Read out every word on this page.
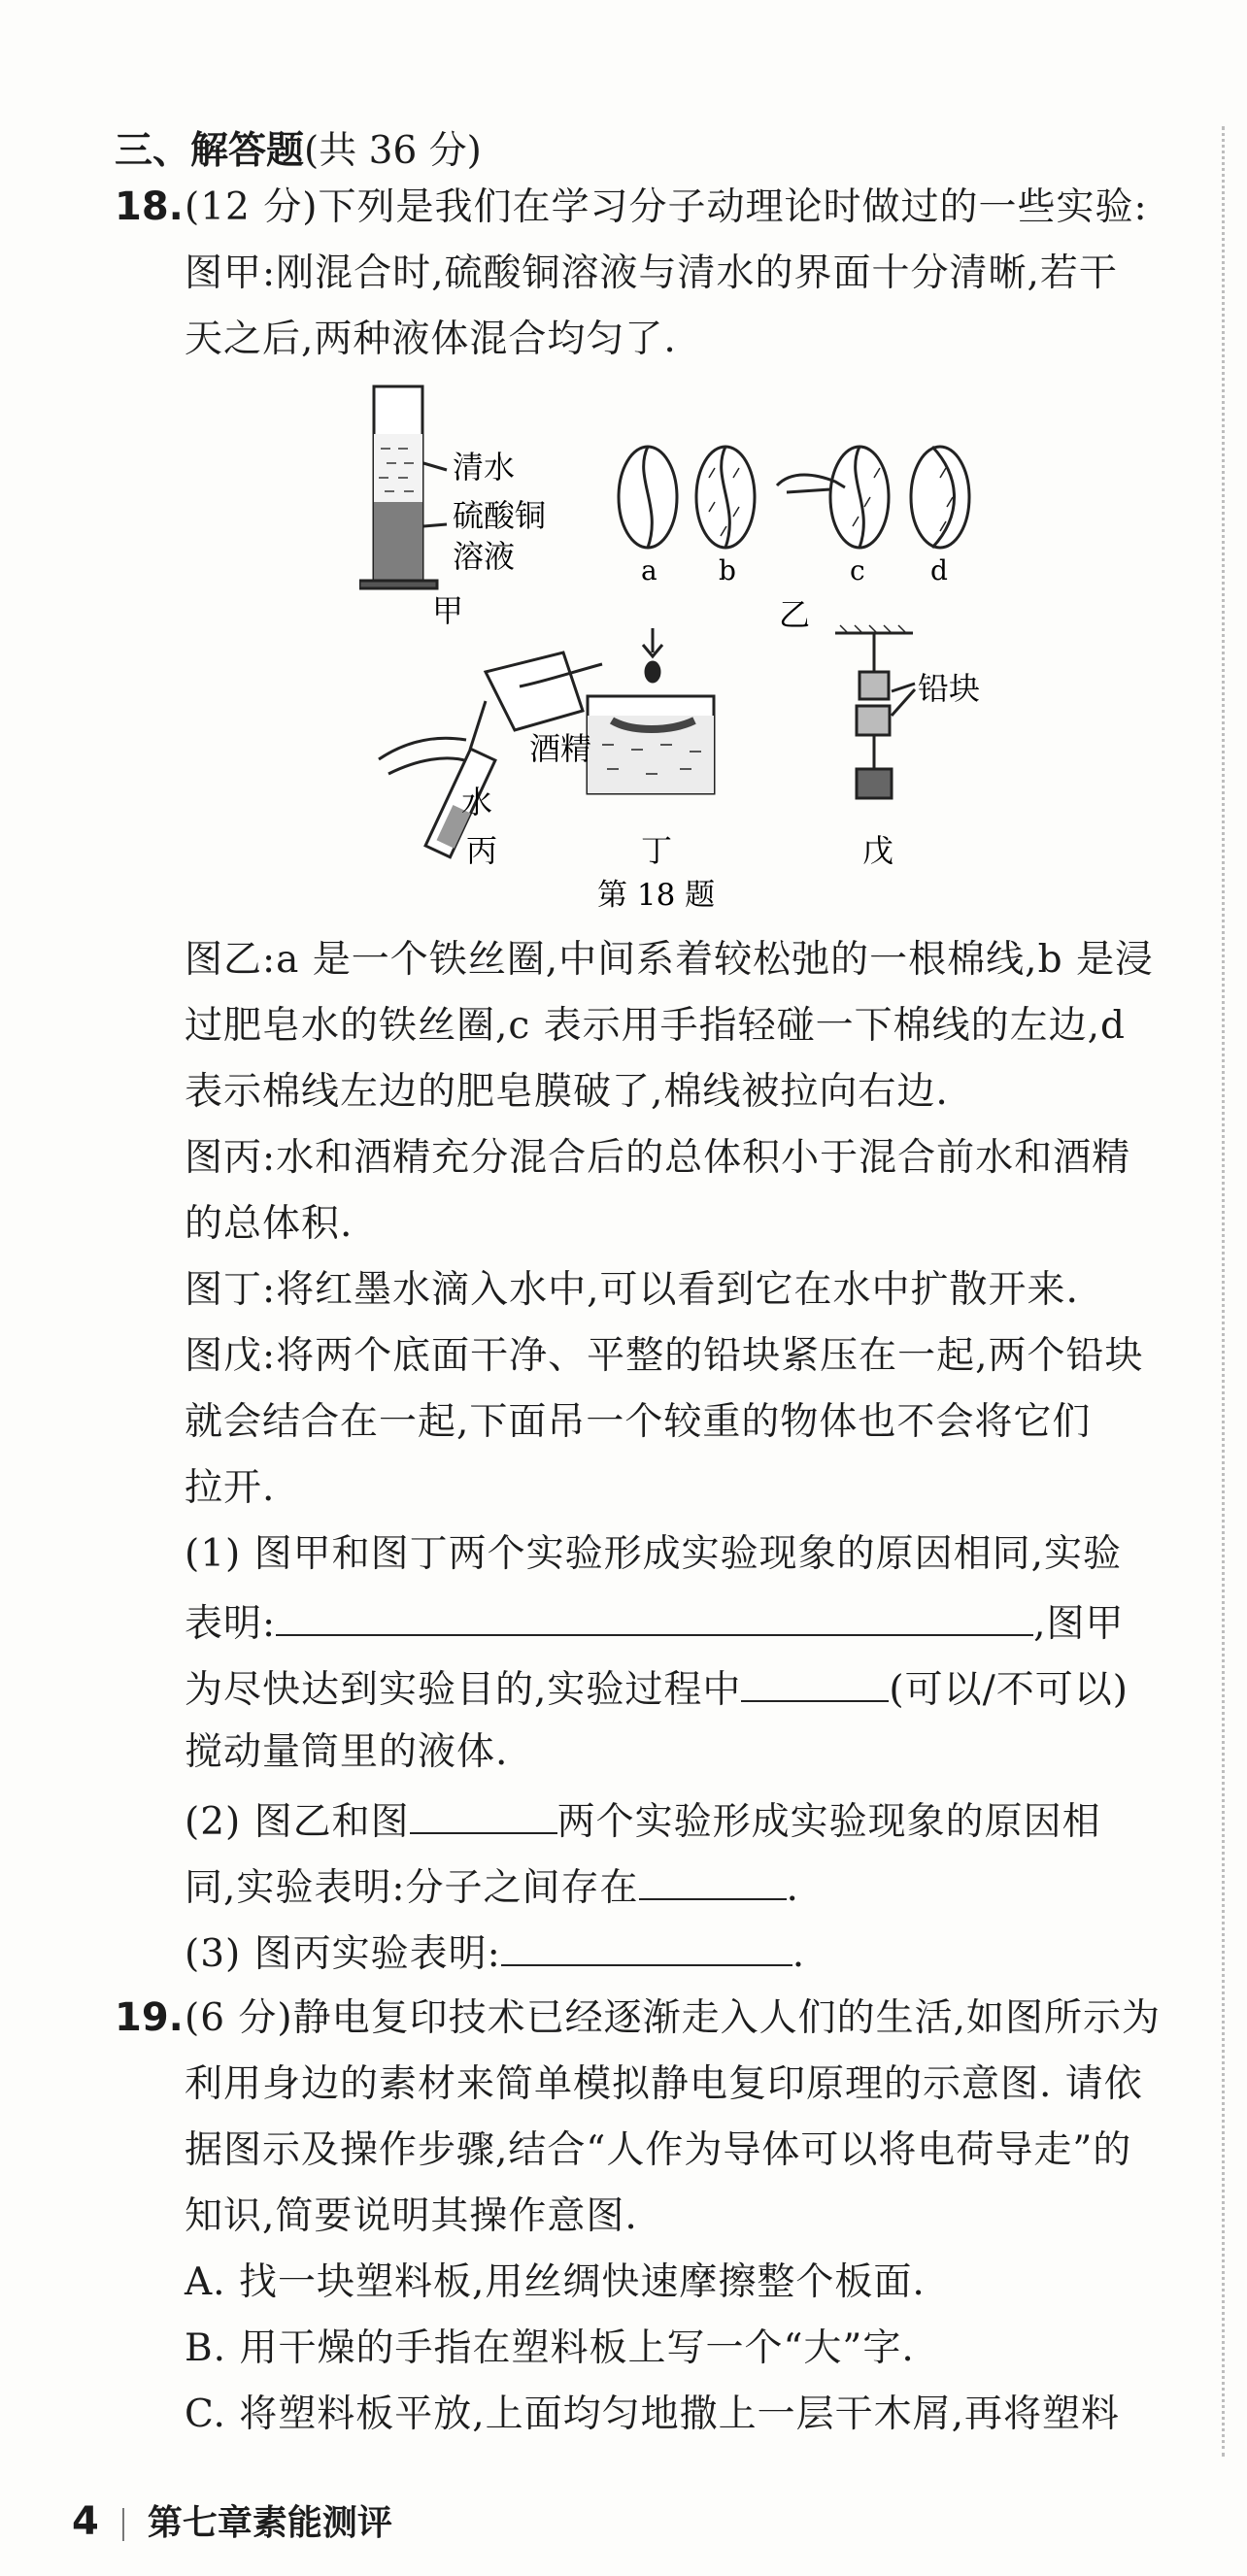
三、解答题(共 36 分)
18. (12 分)下列是我们在学习分子动理论时做过的一些实验:
图甲:刚混合时,硫酸铜溶液与清水的界面十分清晰,若干
天之后,两种液体混合均匀了.
清水
硫酸铜
溶液
甲
a b	c d
乙
酒精
水
丙	丁
铅块
戊
第 18 题
图乙:a 是一个铁丝圈,中间系着较松弛的一根棉线,b 是浸
过肥皂水的铁丝圈,c 表示用手指轻碰一下棉线的左边,d
表示棉线左边的肥皂膜破了,棉线被拉向右边.
图丙:水和酒精充分混合后的总体积小于混合前水和酒精
的总体积.
图丁:将红墨水滴入水中,可以看到它在水中扩散开来.
图戊:将两个底面干净、平整的铅块紧压在一起,两个铅块
就会结合在一起,下面吊一个较重的物体也不会将它们
拉开.
(1) 图甲和图丁两个实验形成实验现象的原因相同,实验
表明:	,图甲
为尽快达到实验目的,实验过程中	(可以/不可以)
搅动量筒里的液体.
(2) 图乙和图	两个实验形成实验现象的原因相
同,实验表明:分子之间存在	.
(3) 图丙实验表明:	.
19. (6 分)静电复印技术已经逐渐走入人们的生活,如图所示为
利用身边的素材来简单模拟静电复印原理的示意图. 请依
据图示及操作步骤,结合“人作为导体可以将电荷导走”的
知识,简要说明其操作意图.
A. 找一块塑料板,用丝绸快速摩擦整个板面.
B. 用干燥的手指在塑料板上写一个“大”字.
C. 将塑料板平放,上面均匀地撒上一层干木屑,再将塑料
4 第七章素能测评
